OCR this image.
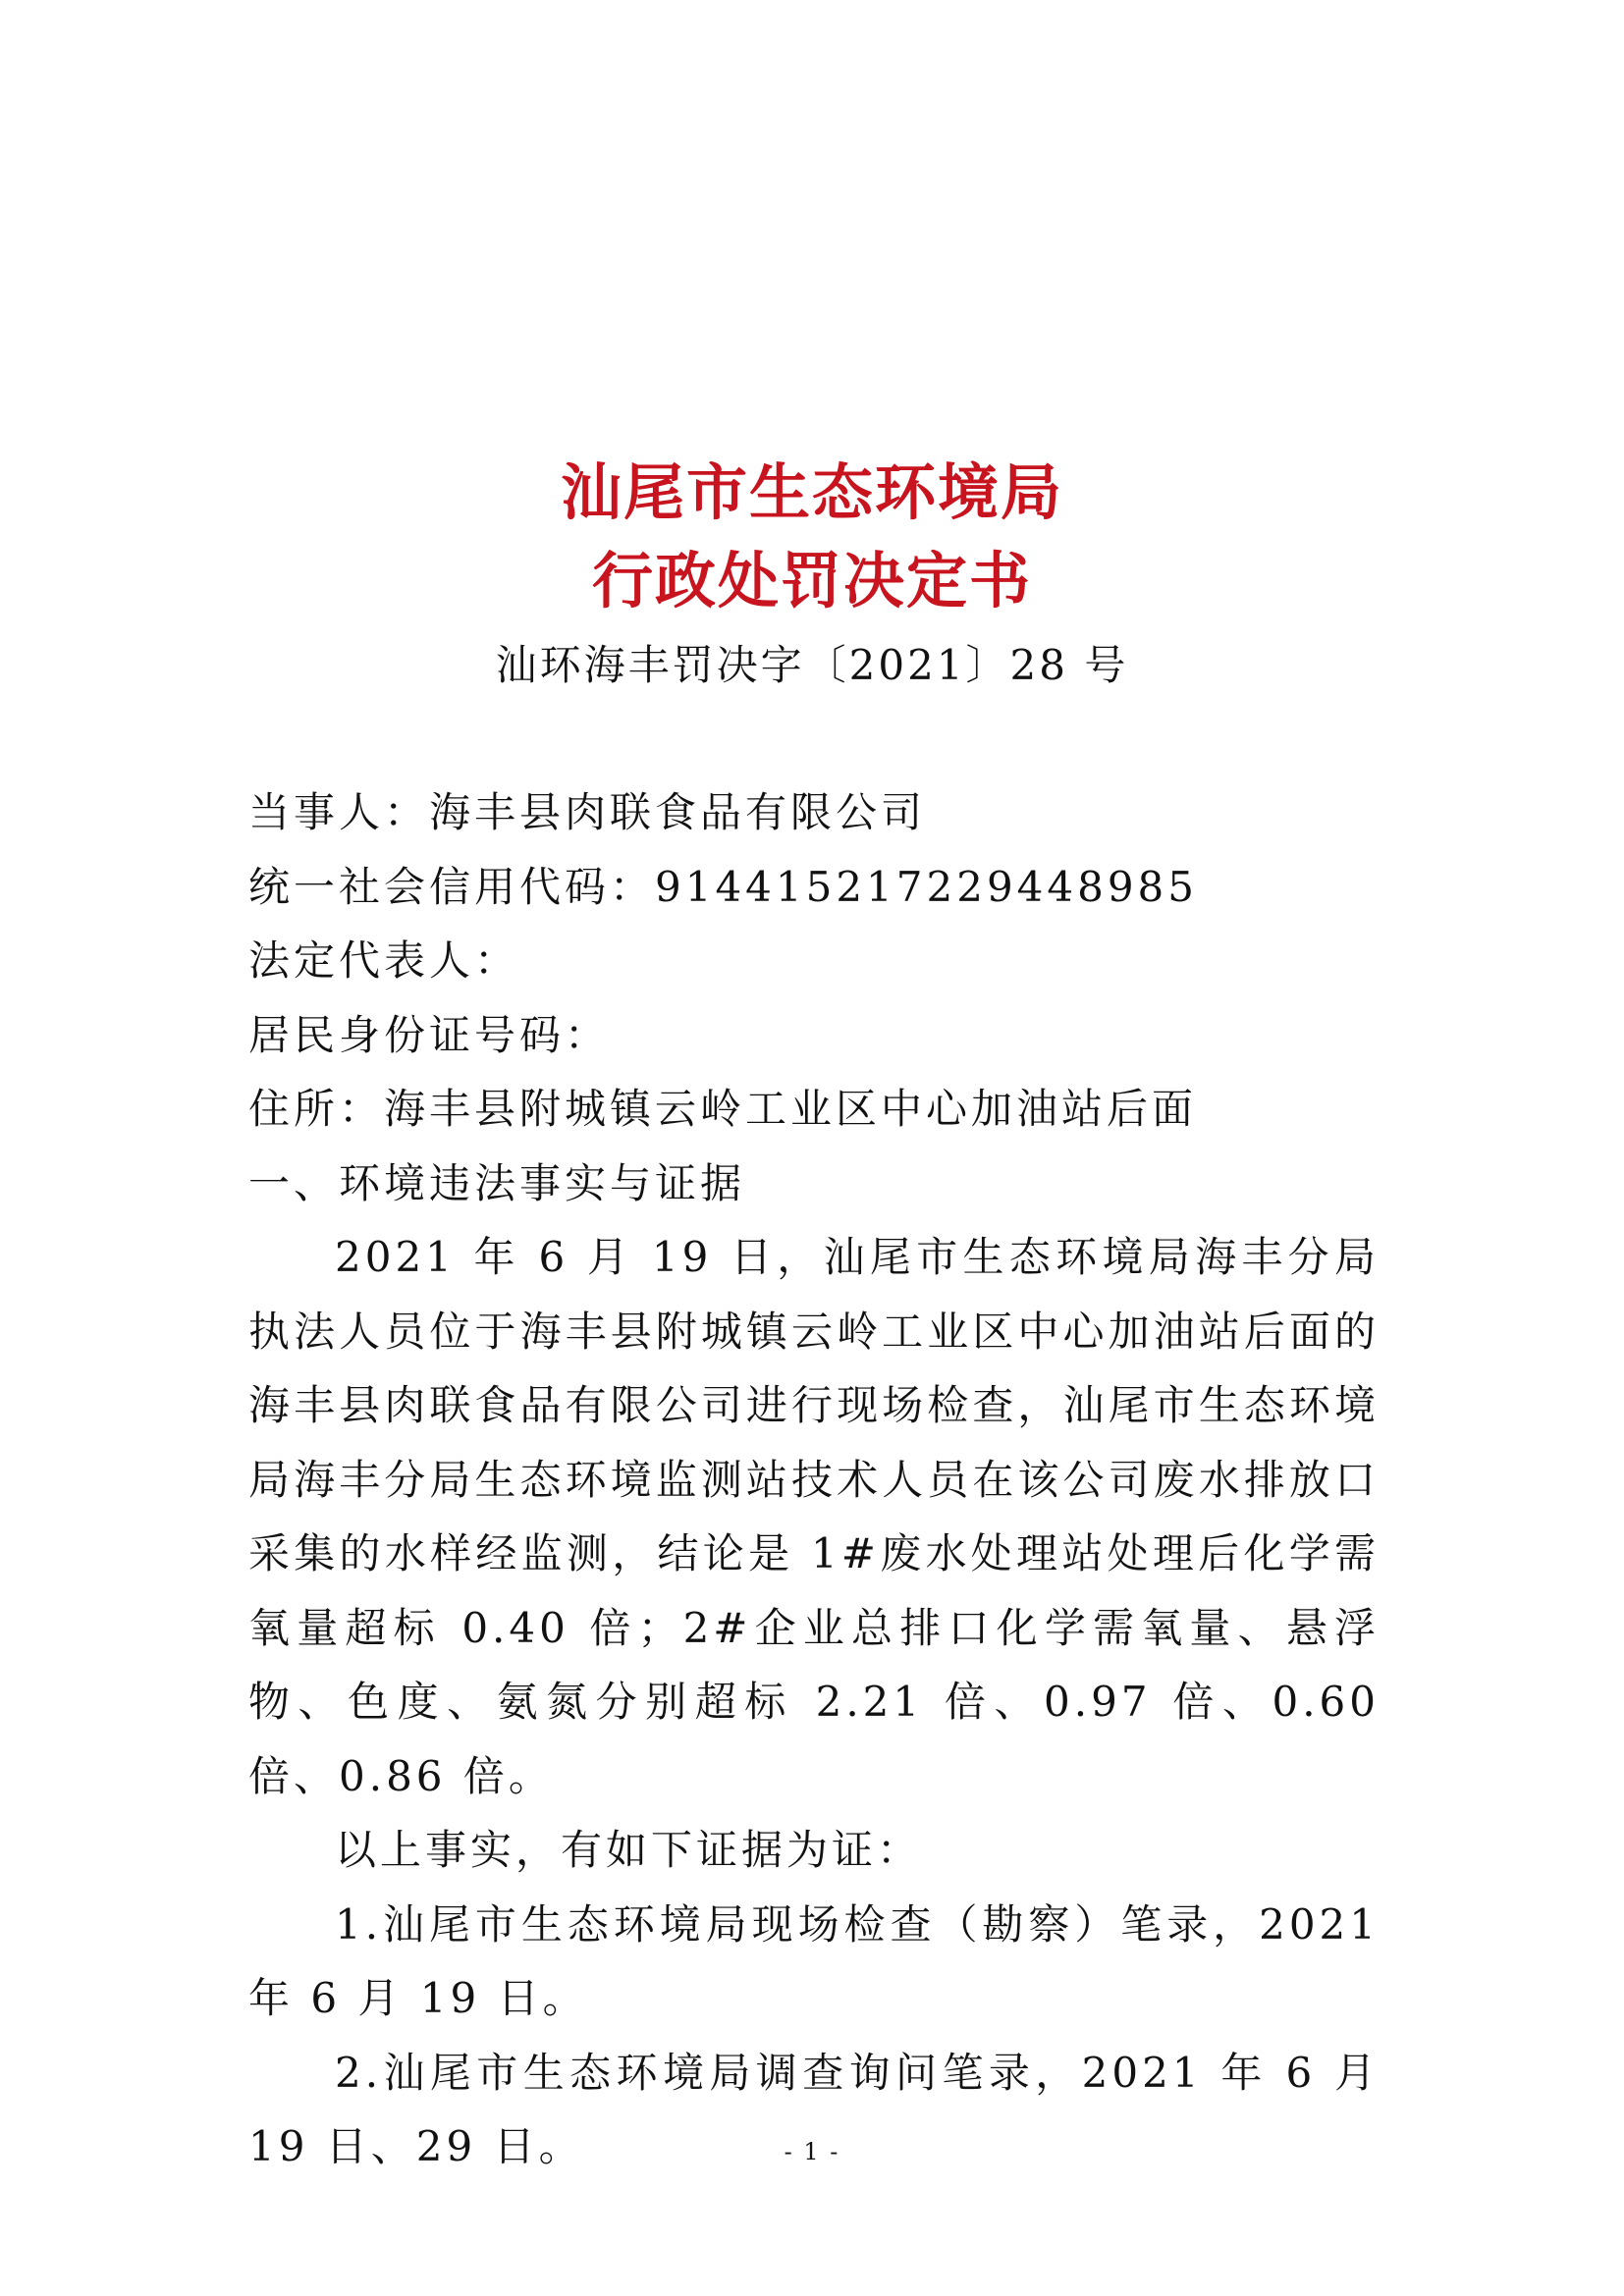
汕尾市生态环境局
行政处罚决定书
汕环海丰罚决字〔2021〕28 号

当事人：海丰县肉联食品有限公司

统一社会信用代码：914415217229448985

法定代表人：

居民身份证号码：

住所：海丰县附城镇云岭工业区中心加油站后面

一、环境违法事实与证据

2021 年 6 月 19 日，汕尾市生态环境局海丰分局执法人员位于海丰县附城镇云岭工业区中心加油站后面的海丰县肉联食品有限公司进行现场检查，汕尾市生态环境局海丰分局生态环境监测站技术人员在该公司废水排放口采集的水样经监测，结论是 1#废水处理站处理后化学需氧量超标 0.40 倍；2#企业总排口化学需氧量、悬浮物、色度、氨氮分别超标 2.21 倍、0.97 倍、0.60 倍、0.86 倍。

以上事实，有如下证据为证：

1.汕尾市生态环境局现场检查（勘察）笔录，2021 年 6 月 19 日。

2.汕尾市生态环境局调查询问笔录，2021 年 6 月 19 日、29 日。	- 1 -
